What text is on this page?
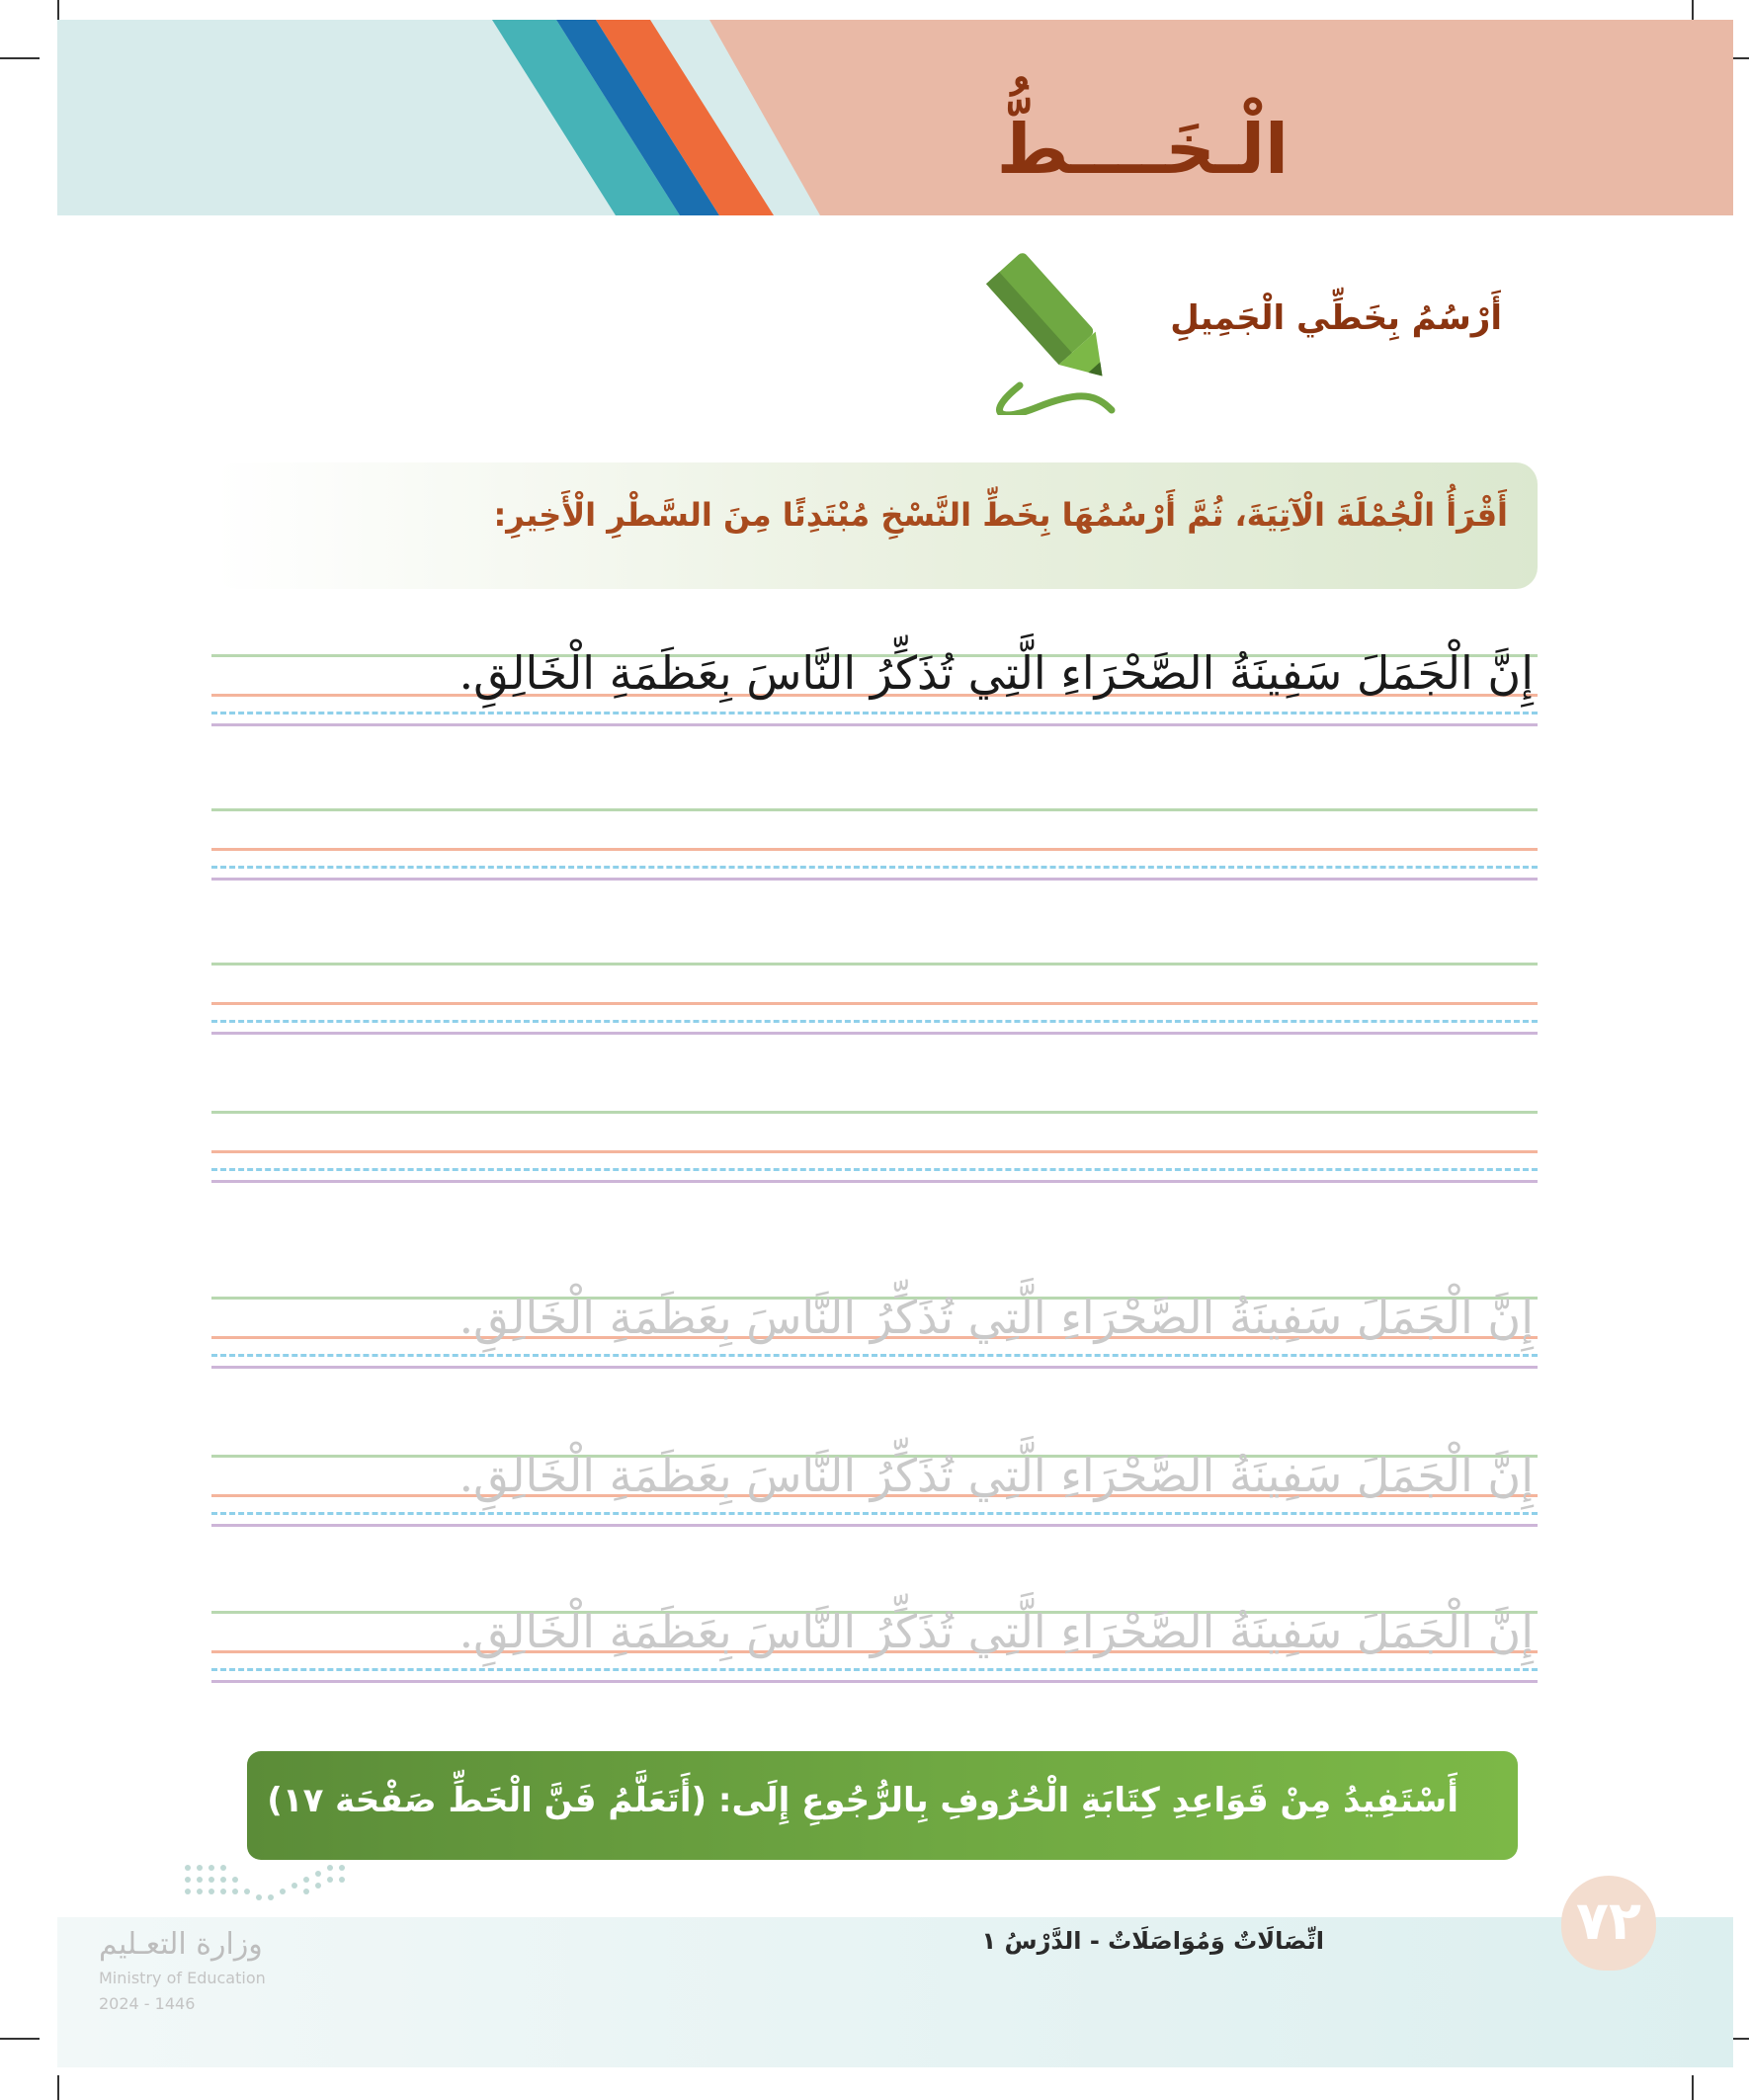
الْـخَــــطُّ
أَرْسُمُ بِخَطِّي الْجَمِيلِ
أَقْرَأُ الْجُمْلَةَ الْآتِيَةَ، ثُمَّ أَرْسُمُهَا بِخَطِّ النَّسْخِ مُبْتَدِئًا مِنَ السَّطْرِ الْأَخِيرِ:
إِنَّ الْجَمَلَ سَفِينَةُ الصَّحْرَاءِ الَّتِي تُذَكِّرُ النَّاسَ بِعَظَمَةِ الْخَالِقِ.
إِنَّ الْجَمَلَ سَفِينَةُ الصَّحْرَاءِ الَّتِي تُذَكِّرُ النَّاسَ بِعَظَمَةِ الْخَالِقِ.
إِنَّ الْجَمَلَ سَفِينَةُ الصَّحْرَاءِ الَّتِي تُذَكِّرُ النَّاسَ بِعَظَمَةِ الْخَالِقِ.
إِنَّ الْجَمَلَ سَفِينَةُ الصَّحْرَاءِ الَّتِي تُذَكِّرُ النَّاسَ بِعَظَمَةِ الْخَالِقِ.
أَسْتَفِيدُ مِنْ قَوَاعِدِ كِتَابَةِ الْحُرُوفِ بِالرُّجُوعِ إِلَى: (أَتَعَلَّمُ فَنَّ الْخَطِّ صَفْحَة ١٧)
٧٢
اتِّصَالَاتٌ وَمُوَاصَلَاتٌ - الدَّرْسُ ١
وزارة التعـليم
Ministry of Education
2024 - 1446
